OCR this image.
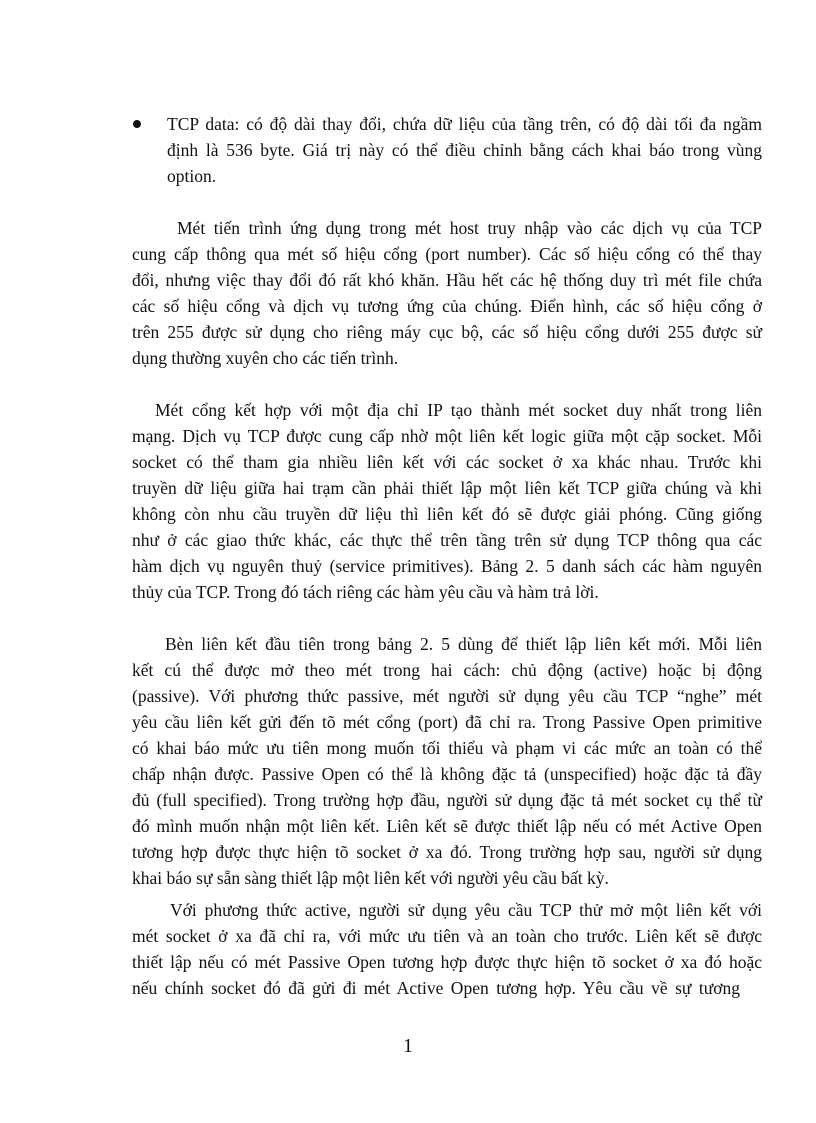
TCP data: có độ dài thay đổi, chứa dữ liệu của tầng trên, có độ dài tối đa ngầm
định là 536 byte. Giá trị này có thể điều chỉnh bằng cách khai báo trong vùng
option.
Mét tiến trình ứng dụng trong mét host truy nhập vào các dịch vụ của TCP
cung cấp thông qua mét số hiệu cổng (port number). Các số hiệu cổng có thể thay
đổi, nhưng việc thay đổi đó rất khó khăn. Hầu hết các hệ thống duy trì mét file chứa
các số hiệu cổng và dịch vụ tương ứng của chúng. Điển hình, các số hiệu cổng ở
trên 255 được sử dụng cho riêng máy cục bộ, các số hiệu cổng dưới 255 được sử
dụng thường xuyên cho các tiến trình.
Mét cổng kết hợp với một địa chỉ IP tạo thành mét socket duy nhất trong liên
mạng. Dịch vụ TCP được cung cấp nhờ một liên kết logic giữa một cặp socket. Mỗi
socket có thể tham gia nhiều liên kết với các socket ở xa khác nhau. Trước khi
truyền dữ liệu giữa hai trạm cần phải thiết lập một liên kết TCP giữa chúng và khi
không còn nhu cầu truyền dữ liệu thì liên kết đó sẽ được giải phóng. Cũng giống
như ở các giao thức khác, các thực thể trên tầng trên sử dụng TCP thông qua các
hàm dịch vụ nguyên thuỷ (service primitives). Bảng 2. 5 danh sách các hàm nguyên
thủy của TCP. Trong đó tách riêng các hàm yêu cầu và hàm trả lời.
Bèn liên kết đầu tiên trong bảng 2. 5 dùng để thiết lập liên kết mới. Mỗi liên
kết cú thể được mở theo mét trong hai cách: chủ động (active) hoặc bị động
(passive). Với phương thức passive, mét người sử dụng yêu cầu TCP “nghe” mét
yêu cầu liên kết gửi đến tõ mét cổng (port) đã chỉ ra. Trong Passive Open primitive
có khai báo mức ưu tiên mong muốn tối thiểu và phạm vi các mức an toàn có thể
chấp nhận được. Passive Open có thể là không đặc tả (unspecified) hoặc đặc tả đầy
đủ (full specified). Trong trường hợp đầu, người sử dụng đặc tả mét socket cụ thể từ
đó mình muốn nhận một liên kết. Liên kết sẽ được thiết lập nếu có mét Active Open
tương hợp được thực hiện tõ socket ở xa đó. Trong trường hợp sau, người sử dụng
khai báo sự sẵn sàng thiết lập một liên kết với người yêu cầu bất kỳ.
Với phương thức active, người sử dụng yêu cầu TCP thử mở một liên kết với
mét socket ở xa đã chỉ ra, với mức ưu tiên và an toàn cho trước. Liên kết sẽ được
thiết lập nếu có mét Passive Open tương hợp được thực hiện tõ socket ở xa đó hoặc
nếu chính socket đó đã gửi đi mét Active Open tương hợp. Yêu cầu về sự tương
1
